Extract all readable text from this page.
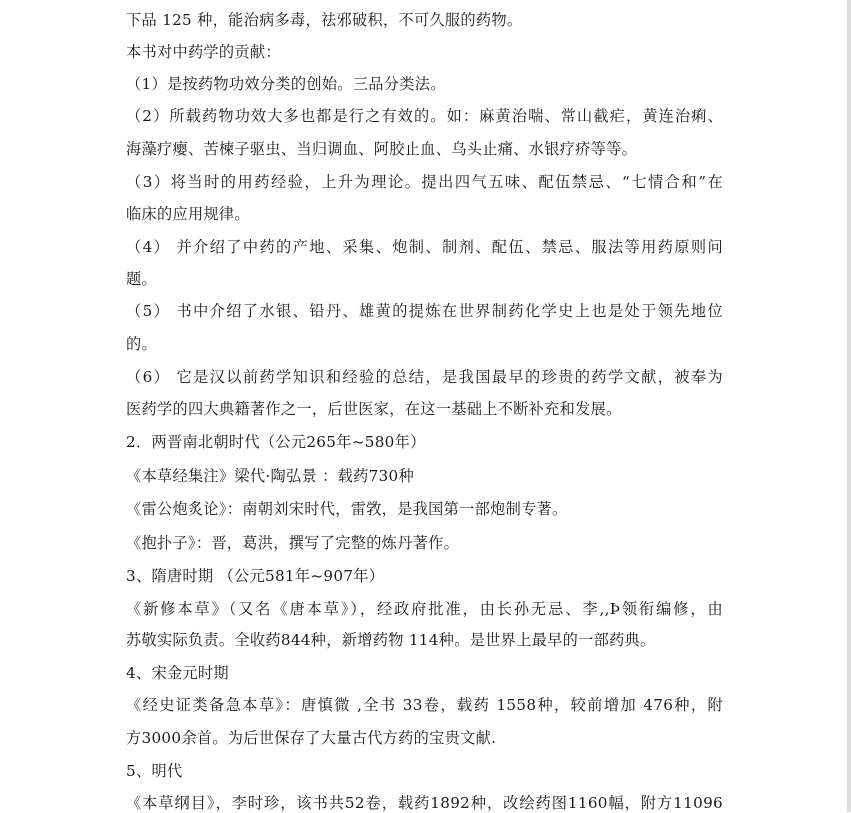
下品 125 种，能治病多毒，祛邪破积，不可久服的药物。
本书对中药学的贡献：
（1）是按药物功效分类的创始。三品分类法。
（2）所载药物功效大多也都是行之有效的。如：麻黄治喘、常山截疟，黄连治痢、
海藻疗瘿、苦楝子驱虫、当归调血、阿胶止血、乌头止痛、水银疗疥等等。
（3）将当时的用药经验，上升为理论。提出四气五味、配伍禁忌、“七情合和”在
临床的应用规律。
（4） 并介绍了中药的产地、采集、炮制、制剂、配伍、禁忌、服法等用药原则问
题。
（5） 书中介绍了水银、铅丹、雄黄的提炼在世界制药化学史上也是处于领先地位
的。
（6） 它是汉以前药学知识和经验的总结，是我国最早的珍贵的药学文献，被奉为
医药学的四大典籍著作之一，后世医家，在这一基础上不断补充和发展。
2．两晋南北朝时代（公元265年~580年）
《本草经集注》梁代·陶弘景 ：载药730种
《雷公炮炙论》：南朝刘宋时代，雷敩，是我国第一部炮制专著。
《抱扑子》：晋，葛洪，撰写了完整的炼丹著作。
3、隋唐时期 （公元581年~907年）
《新修本草》（又名《唐本草》），经政府批准，由长孙无忌、李,,Þ领衔编修，由
苏敬实际负责。全收药844种，新增药物 114种。是世界上最早的一部药典。
4、宋金元时期
《经史证类备急本草》：唐慎微 ,全书 33卷，载药 1558种，较前增加 476种，附
方3000余首。为后世保存了大量古代方药的宝贵文献.
5、明代
《本草纲目》，李时珍，该书共52卷，载药1892种，改绘药图1160幅，附方11096
